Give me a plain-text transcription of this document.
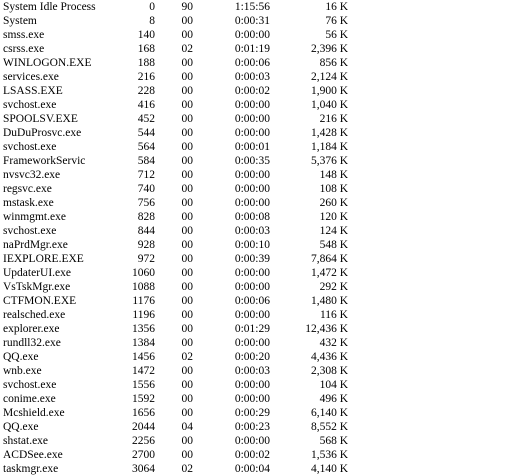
System Idle Process	0	90	1:15:56	16 K
System	8	00	0:00:31	76 K
smss.exe	140	00	0:00:00	56 K
csrss.exe	168	02	0:01:19	2,396 K
WINLOGON.EXE	188	00	0:00:06	856 K
services.exe	216	00	0:00:03	2,124 K
LSASS.EXE	228	00	0:00:02	1,900 K
svchost.exe	416	00	0:00:00	1,040 K
SPOOLSV.EXE	452	00	0:00:00	216 K
DuDuProsvc.exe	544	00	0:00:00	1,428 K
svchost.exe	564	00	0:00:01	1,184 K
FrameworkServic	584	00	0:00:35	5,376 K
nvsvc32.exe	712	00	0:00:00	148 K
regsvc.exe	740	00	0:00:00	108 K
mstask.exe	756	00	0:00:00	260 K
winmgmt.exe	828	00	0:00:08	120 K
svchost.exe	844	00	0:00:03	124 K
naPrdMgr.exe	928	00	0:00:10	548 K
IEXPLORE.EXE	972	00	0:00:39	7,864 K
UpdaterUI.exe	1060	00	0:00:00	1,472 K
VsTskMgr.exe	1088	00	0:00:00	292 K
CTFMON.EXE	1176	00	0:00:06	1,480 K
realsched.exe	1196	00	0:00:00	116 K
explorer.exe	1356	00	0:01:29	12,436 K
rundll32.exe	1384	00	0:00:00	432 K
QQ.exe	1456	02	0:00:20	4,436 K
wnb.exe	1472	00	0:00:03	2,308 K
svchost.exe	1556	00	0:00:00	104 K
conime.exe	1592	00	0:00:00	496 K
Mcshield.exe	1656	00	0:00:29	6,140 K
QQ.exe	2044	04	0:00:23	8,552 K
shstat.exe	2256	00	0:00:00	568 K
ACDSee.exe	2700	00	0:00:02	1,536 K
taskmgr.exe	3064	02	0:00:04	4,140 K
